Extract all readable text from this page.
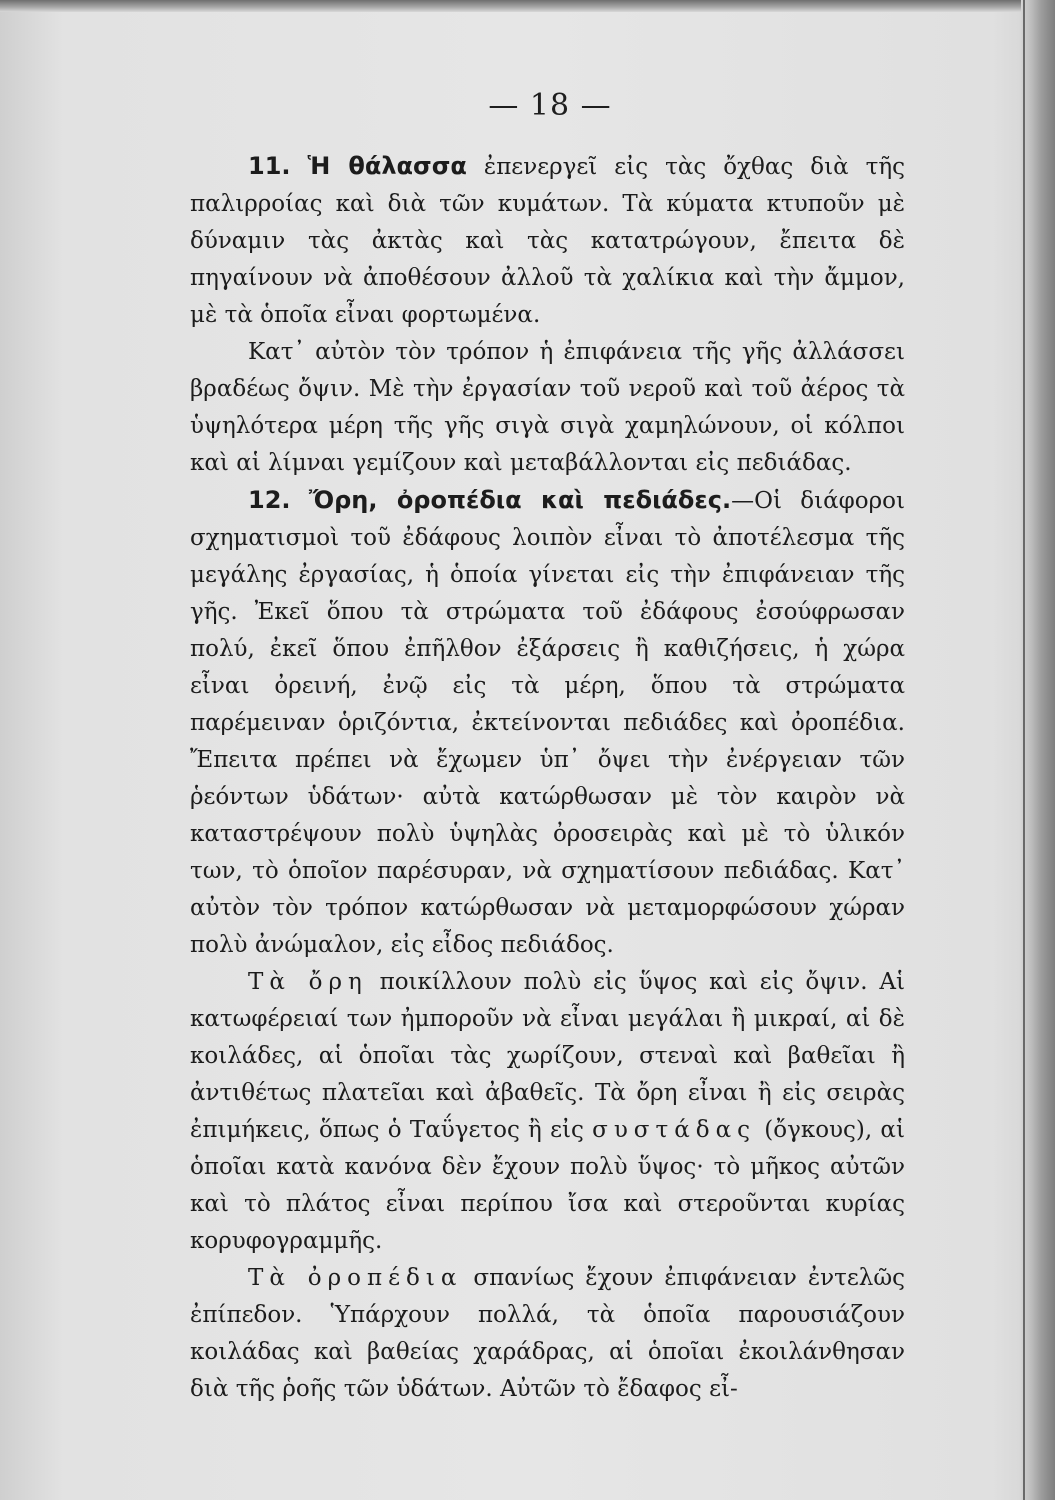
— 18 —

11. Ἡ θάλασσα ἐπενεργεῖ εἰς τὰς ὄχθας διὰ τῆς παλιρροίας καὶ διὰ τῶν κυμάτων. Τὰ κύματα κτυποῦν μὲ δύναμιν τὰς ἀκτὰς καὶ τὰς κατατρώγουν, ἔπειτα δὲ πηγαίνουν νὰ ἀποθέσουν ἀλλοῦ τὰ χαλίκια καὶ τὴν ἄμμον, μὲ τὰ ὁποῖα εἶναι φορτωμένα.

Κατ᾽ αὐτὸν τὸν τρόπον ἡ ἐπιφάνεια τῆς γῆς ἀλλάσσει βραδέως ὄψιν. Μὲ τὴν ἐργασίαν τοῦ νεροῦ καὶ τοῦ ἀέρος τὰ ὑψηλότερα μέρη τῆς γῆς σιγὰ σιγὰ χαμηλώνουν, οἱ κόλποι καὶ αἱ λίμναι γεμίζουν καὶ μεταβάλλονται εἰς πεδιάδας.

12. Ὄρη, ὀροπέδια καὶ πεδιάδες.—Οἱ διάφοροι σχηματισμοὶ τοῦ ἐδάφους λοιπὸν εἶναι τὸ ἀποτέλεσμα τῆς μεγάλης ἐργασίας, ἡ ὁποία γίνεται εἰς τὴν ἐπιφάνειαν τῆς γῆς. Ἐκεῖ ὅπου τὰ στρώματα τοῦ ἐδάφους ἐσούφρωσαν πολύ, ἐκεῖ ὅπου ἐπῆλθον ἐξάρσεις ἢ καθιζήσεις, ἡ χώρα εἶναι ὀρεινή, ἐνῷ εἰς τὰ μέρη, ὅπου τὰ στρώματα παρέμειναν ὁριζόντια, ἐκτείνονται πεδιάδες καὶ ὀροπέδια. Ἔπειτα πρέπει νὰ ἔχωμεν ὑπ᾽ ὄψει τὴν ἐνέργειαν τῶν ῥεόντων ὑδάτων· αὐτὰ κατώρθωσαν μὲ τὸν καιρὸν νὰ καταστρέψουν πολὺ ὑψηλὰς ὀροσειρὰς καὶ μὲ τὸ ὑλικόν των, τὸ ὁποῖον παρέσυραν, νὰ σχηματίσουν πεδιάδας. Κατ᾽ αὐτὸν τὸν τρόπον κατώρθωσαν νὰ μεταμορφώσουν χώραν πολὺ ἀνώμαλον, εἰς εἶδος πεδιάδος.

Τὰ ὄρη ποικίλλουν πολὺ εἰς ὕψος καὶ εἰς ὄψιν. Αἱ κατωφέρειαί των ἠμποροῦν νὰ εἶναι μεγάλαι ἢ μικραί, αἱ δὲ κοιλάδες, αἱ ὁποῖαι τὰς χωρίζουν, στεναὶ καὶ βαθεῖαι ἢ ἀντιθέτως πλατεῖαι καὶ ἀβαθεῖς. Τὰ ὄρη εἶναι ἢ εἰς σειρὰς ἐπιμήκεις, ὅπως ὁ Ταΰγετος ἢ εἰς συστάδας (ὄγκους), αἱ ὁποῖαι κατὰ κανόνα δὲν ἔχουν πολὺ ὕψος· τὸ μῆκος αὐτῶν καὶ τὸ πλάτος εἶναι περίπου ἴσα καὶ στεροῦνται κυρίας κορυφογραμμῆς.

Τὰ ὀροπέδια σπανίως ἔχουν ἐπιφάνειαν ἐντελῶς ἐπίπεδον. Ὑπάρχουν πολλά, τὰ ὁποῖα παρουσιάζουν κοιλάδας καὶ βαθείας χαράδρας, αἱ ὁποῖαι ἐκοιλάνθησαν διὰ τῆς ῥοῆς τῶν ὑδάτων. Αὐτῶν τὸ ἔδαφος εἶ-
